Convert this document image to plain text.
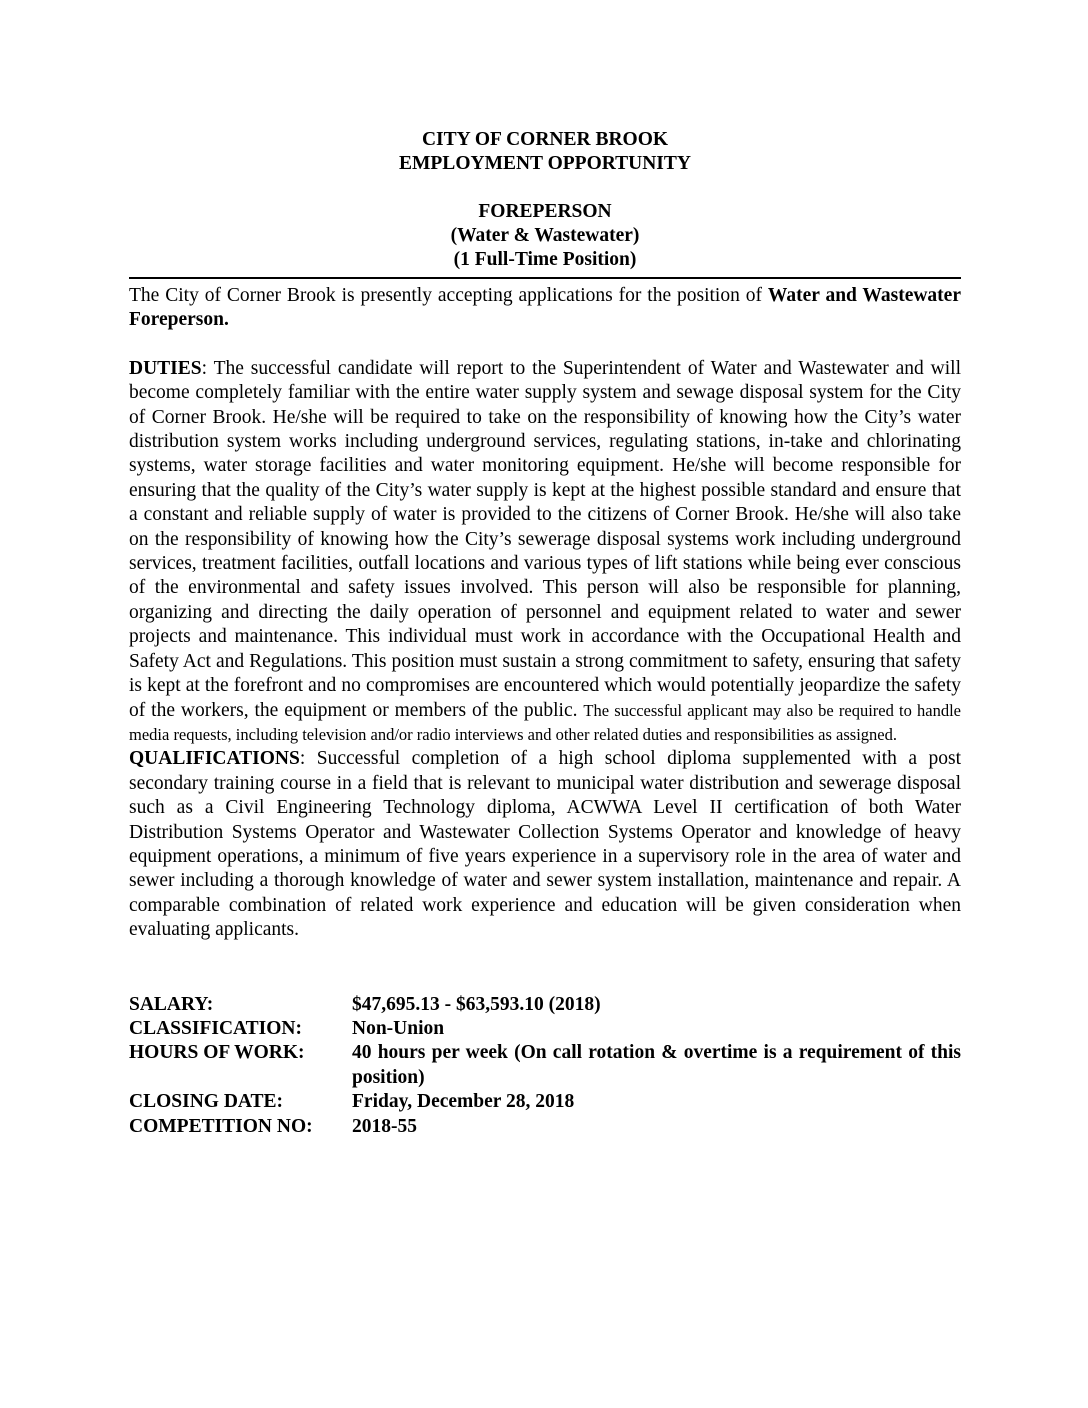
CITY OF CORNER BROOK
EMPLOYMENT OPPORTUNITY
FOREPERSON
(Water & Wastewater)
(1 Full-Time Position)

The City of Corner Brook is presently accepting applications for the position of Water and Wastewater Foreperson.

DUTIES: The successful candidate will report to the Superintendent of Water and Wastewater and will become completely familiar with the entire water supply system and sewage disposal system for the City of Corner Brook. He/she will be required to take on the responsibility of knowing how the City’s water distribution system works including underground services, regulating stations, in-take and chlorinating systems, water storage facilities and water monitoring equipment. He/she will become responsible for ensuring that the quality of the City’s water supply is kept at the highest possible standard and ensure that a constant and reliable supply of water is provided to the citizens of Corner Brook. He/she will also take on the responsibility of knowing how the City’s sewerage disposal systems work including underground services, treatment facilities, outfall locations and various types of lift stations while being ever conscious of the environmental and safety issues involved. This person will also be responsible for planning, organizing and directing the daily operation of personnel and equipment related to water and sewer projects and maintenance. This individual must work in accordance with the Occupational Health and Safety Act and Regulations. This position must sustain a strong commitment to safety, ensuring that safety is kept at the forefront and no compromises are encountered which would potentially jeopardize the safety of the workers, the equipment or members of the public. The successful applicant may also be required to handle media requests, including television and/or radio interviews and other related duties and responsibilities as assigned.

QUALIFICATIONS: Successful completion of a high school diploma supplemented with a post secondary training course in a field that is relevant to municipal water distribution and sewerage disposal such as a Civil Engineering Technology diploma, ACWWA Level II certification of both Water Distribution Systems Operator and Wastewater Collection Systems Operator and knowledge of heavy equipment operations, a minimum of five years experience in a supervisory role in the area of water and sewer including a thorough knowledge of water and sewer system installation, maintenance and repair. A comparable combination of related work experience and education will be given consideration when evaluating applicants.

SALARY:	$47,695.13 - $63,593.10 (2018)
CLASSIFICATION:	Non-Union
HOURS OF WORK:	40 hours per week (On call rotation & overtime is a requirement of this position)
CLOSING DATE:	Friday, December 28, 2018
COMPETITION NO:	2018-55
